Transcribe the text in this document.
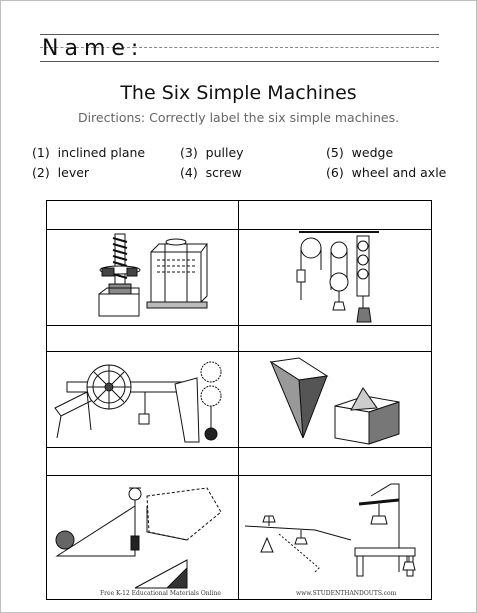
Name:
The Six Simple Machines
Directions: Correctly label the six simple machines.
(1) inclined plane
(2) lever
(3) pulley
(4) screw
(5) wedge
(6) wheel and axle
Free K-12 Educational Materials Online	www.STUDENTHANDOUTS.com
